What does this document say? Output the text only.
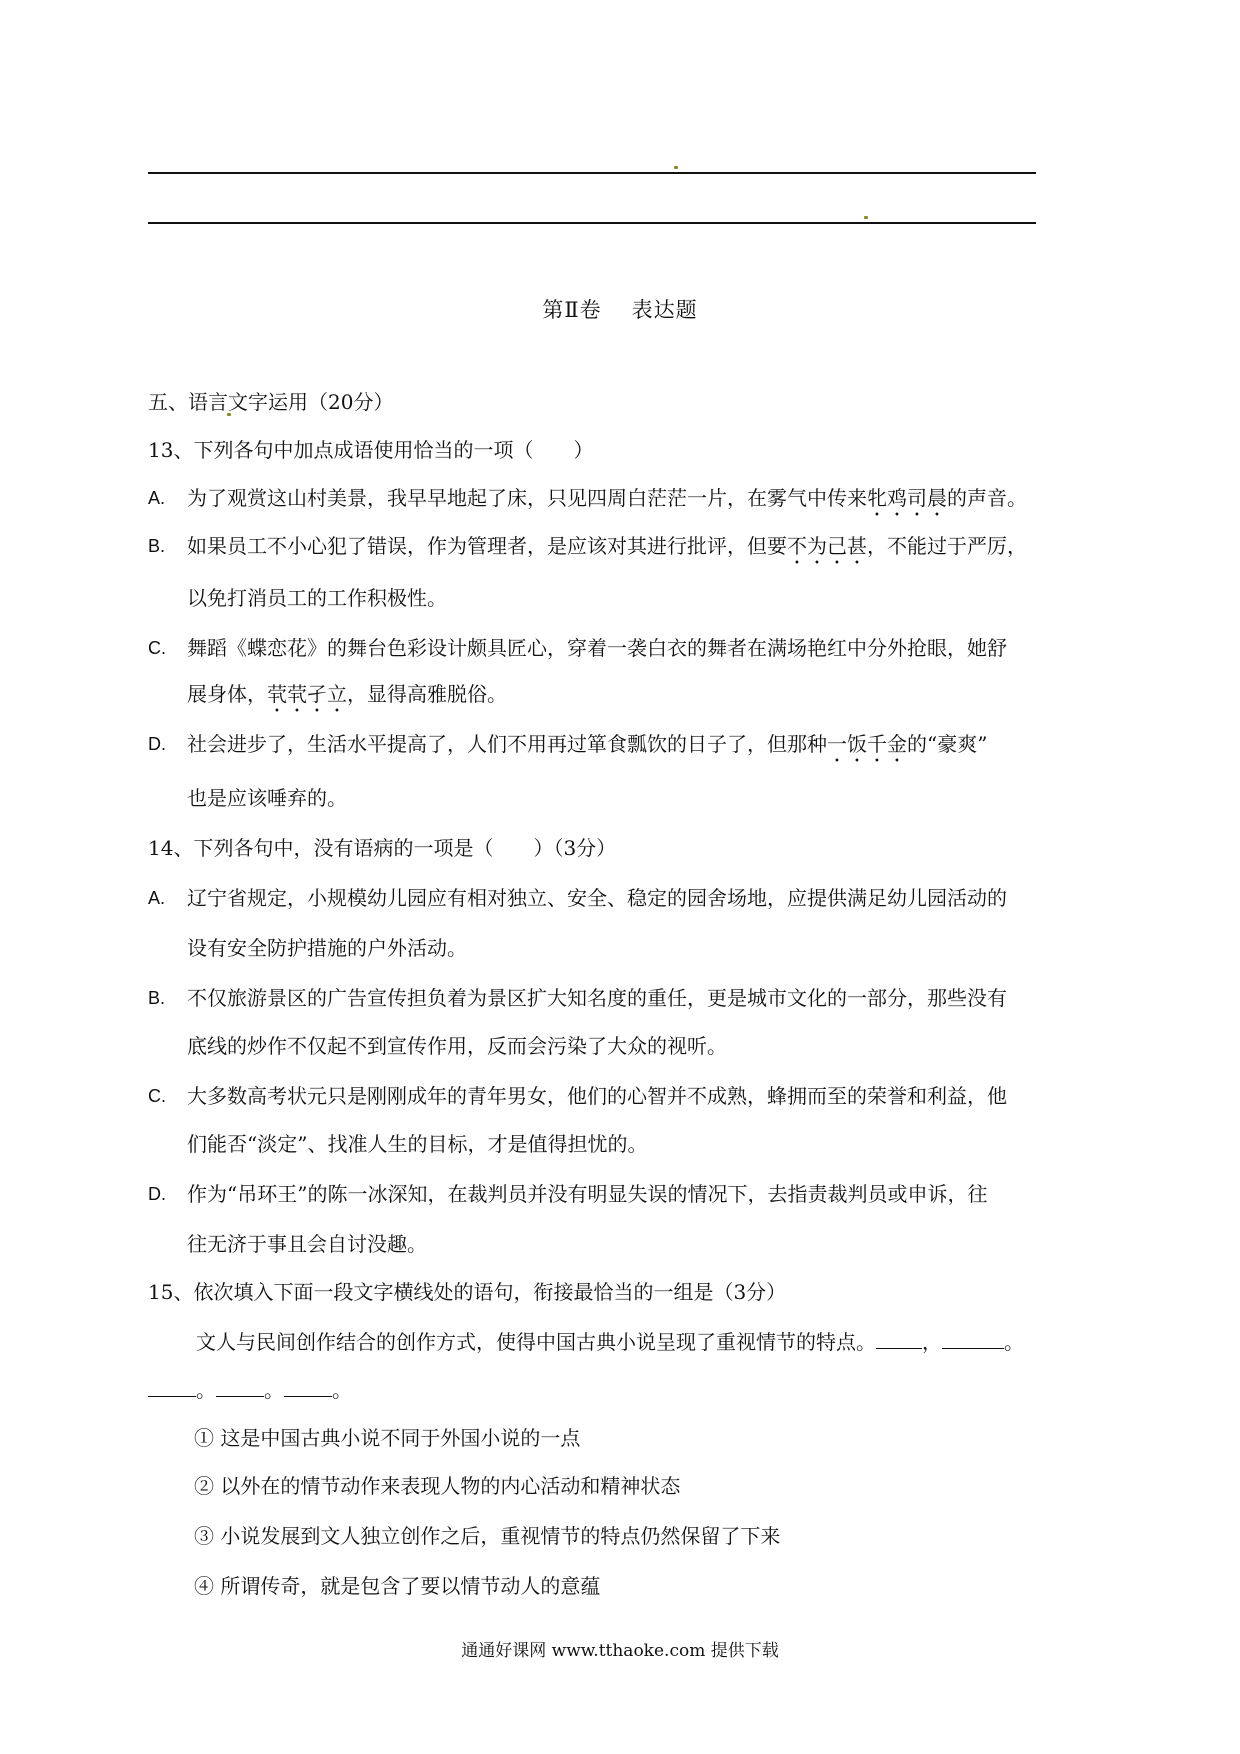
第Ⅱ卷 表达题
五、语言文字运用（20分）
13、下列各句中加点成语使用恰当的一项（　　）
A. 为了观赏这山村美景，我早早地起了床，只见四周白茫茫一片，在雾气中传来牝鸡司晨的声音。
B. 如果员工不小心犯了错误，作为管理者，是应该对其进行批评，但要不为己甚，不能过于严厉，
以免打消员工的工作积极性。
C. 舞蹈《蝶恋花》的舞台色彩设计颇具匠心，穿着一袭白衣的舞者在满场艳红中分外抢眼，她舒
展身体，茕茕孑立，显得高雅脱俗。
D. 社会进步了，生活水平提高了，人们不用再过箪食瓢饮的日子了，但那种一饭千金的“豪爽”
也是应该唾弃的。
14、下列各句中，没有语病的一项是（　　）（3分）
A. 辽宁省规定，小规模幼儿园应有相对独立、安全、稳定的园舍场地，应提供满足幼儿园活动的
设有安全防护措施的户外活动。
B. 不仅旅游景区的广告宣传担负着为景区扩大知名度的重任，更是城市文化的一部分，那些没有
底线的炒作不仅起不到宣传作用，反而会污染了大众的视听。
C. 大多数高考状元只是刚刚成年的青年男女，他们的心智并不成熟，蜂拥而至的荣誉和利益，他
们能否“淡定”、找准人生的目标，才是值得担忧的。
D. 作为“吊环王”的陈一冰深知，在裁判员并没有明显失误的情况下，去指责裁判员或申诉，往
往无济于事且会自讨没趣。
15、依次填入下面一段文字横线处的语句，衔接最恰当的一组是（3分）
文人与民间创作结合的创作方式，使得中国古典小说呈现了重视情节的特点。 ，	。
。 。 。
① 这是中国古典小说不同于外国小说的一点
② 以外在的情节动作来表现人物的内心活动和精神状态
③ 小说发展到文人独立创作之后，重视情节的特点仍然保留了下来
④ 所谓传奇，就是包含了要以情节动人的意蕴
通通好课网 www.tthaoke.com 提供下载
